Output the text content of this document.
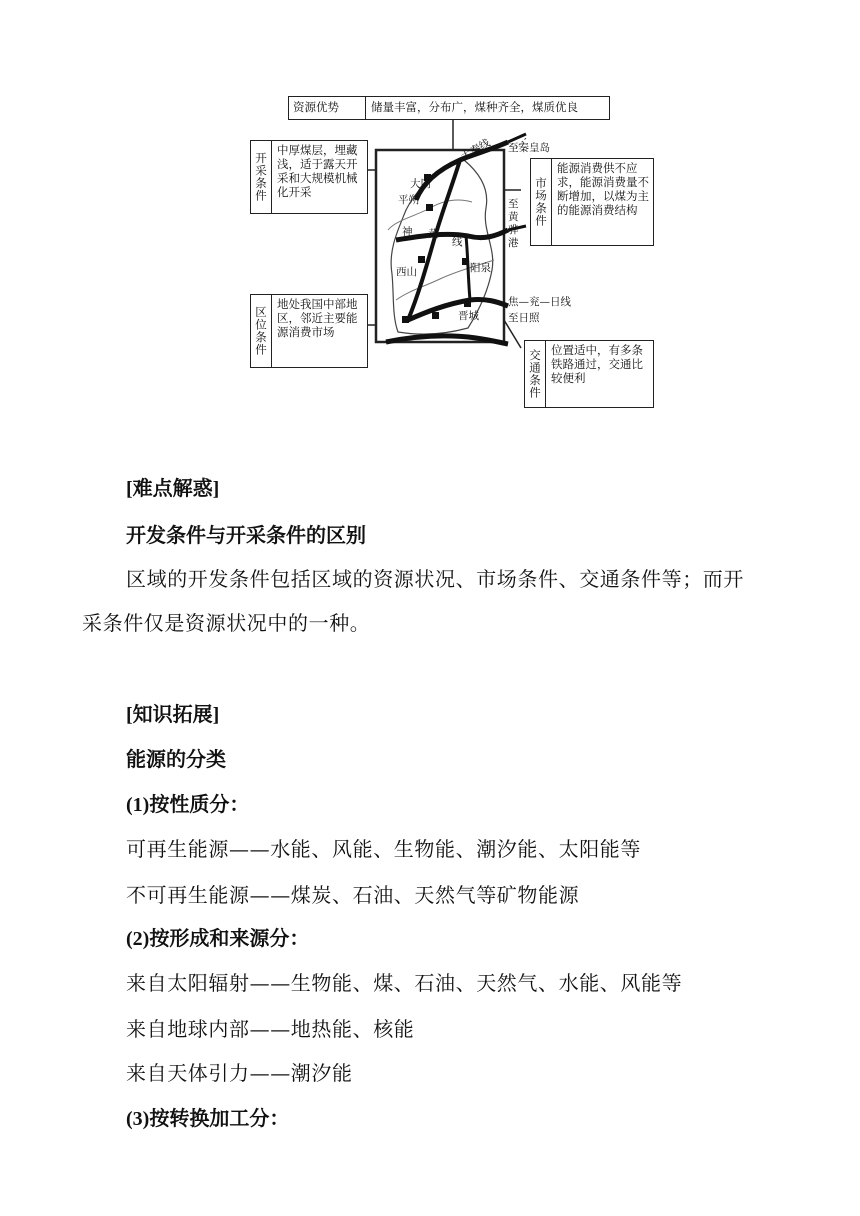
资源优势	储量丰富，分布广，煤种齐全，煤质优良
开采条件
中厚煤层，埋藏浅，适于露天开采和大规模机械化开采
区位条件
地处我国中部地区，邻近主要能源消费市场
市场条件
能源消费供不应求，能源消费量不断增加，以煤为主的能源消费结构
交通条件 位置适中，有多条铁路通过，交通比较便利
大秦线 至秦皇岛
大同
平朔
神 黄
线
西山	阳泉
至黄骅港
焦—兖—日线
至日照
晋城
[难点解惑]
开发条件与开采条件的区别
区域的开发条件包括区域的资源状况、市场条件、交通条件等；而开
采条件仅是资源状况中的一种。
[知识拓展]
能源的分类
(1)按性质分：
可再生能源——水能、风能、生物能、潮汐能、太阳能等
不可再生能源——煤炭、石油、天然气等矿物能源
(2)按形成和来源分：
来自太阳辐射——生物能、煤、石油、天然气、水能、风能等
来自地球内部——地热能、核能
来自天体引力——潮汐能
(3)按转换加工分：
